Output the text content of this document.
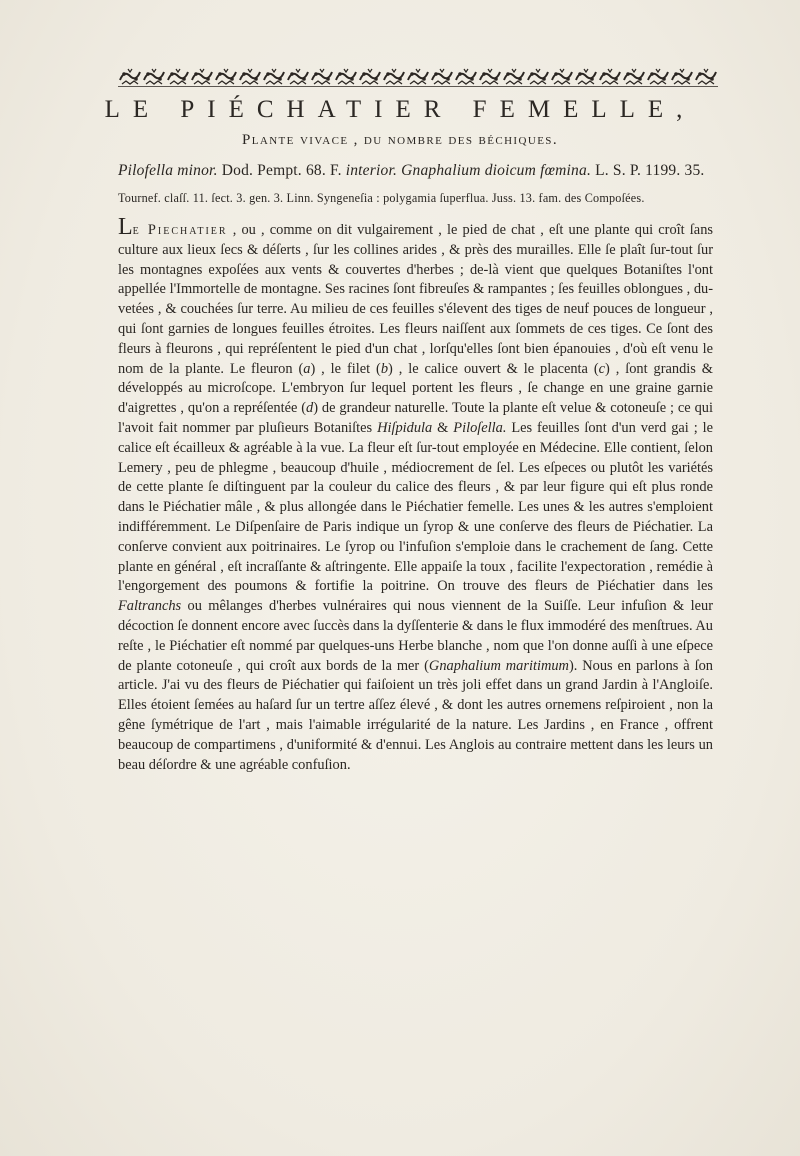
LE PIÉCHATIER FEMELLE,
Plante vivace , du nombre des béchiques.
Pilofella minor. Dod. Pempt. 68. F. interior. Gnaphalium dioicum fœmina. L. S. P. 1199. 35.
Tournef. claſſ. 11. ſect. 3. gen. 3. Linn. Syngeneſia : polygamia ſuperflua. Juss. 13. fam. des Compoſées.
Le Piechatier , ou , comme on dit vulgairement , le pied de chat , eſt une plante qui croît ſans culture aux lieux ſecs & déſerts , ſur les collines arides , & près des murailles. Elle ſe plaît ſur-tout ſur les montagnes expoſées aux vents & couvertes d'herbes ; de-là vient que quelques Botaniſtes l'ont appellée l'Immortelle de montagne. Ses racines ſont fibreuſes & rampantes ; ſes feuilles oblongues , du-vetées , & couchées ſur terre. Au milieu de ces feuilles s'élevent des tiges de neuf pouces de longueur , qui ſont garnies de longues feuilles étroites. Les fleurs naiſſent aux ſommets de ces tiges. Ce ſont des fleurs à fleurons , qui repréſentent le pied d'un chat , lorſqu'elles ſont bien épanouies , d'où eſt venu le nom de la plante. Le fleuron (a) , le filet (b) , le calice ouvert & le placenta (c) , ſont grandis & développés au microſcope. L'embryon ſur lequel portent les fleurs , ſe change en une graine garnie d'aigrettes , qu'on a repréſentée (d) de grandeur naturelle. Toute la plante eſt velue & cotoneuſe ; ce qui l'avoit fait nommer par pluſieurs Botaniſtes Hiſpidula & Piloſella. Les feuilles ſont d'un verd gai ; le calice eſt écailleux & agréable à la vue. La fleur eſt ſur-tout employée en Médecine. Elle contient, ſelon Lemery , peu de phlegme , beaucoup d'huile , médiocrement de ſel. Les eſpeces ou plutôt les variétés de cette plante ſe diſtinguent par la couleur du calice des fleurs , & par leur figure qui eſt plus ronde dans le Piéchatier mâle , & plus allongée dans le Piéchatier femelle. Les unes & les autres s'emploient indifféremment. Le Diſpenſaire de Paris indique un ſyrop & une conſerve des fleurs de Piéchatier. La conſerve convient aux poitrinaires. Le ſyrop ou l'infuſion s'emploie dans le crachement de ſang. Cette plante en général , eſt incraſſante & aſtringente. Elle appaiſe la toux , facilite l'expectoration , remédie à l'engorgement des poumons & fortifie la poitrine. On trouve des fleurs de Piéchatier dans les Faltranchs ou mêlanges d'herbes vulnéraires qui nous viennent de la Suiſſe. Leur infuſion & leur décoction ſe donnent encore avec ſuccès dans la dyſſenterie & dans le flux immodéré des menſtrues. Au reſte , le Piéchatier eſt nommé par quelques-uns Herbe blanche , nom que l'on donne auſſi à une eſpece de plante cotoneuſe , qui croît aux bords de la mer (Gnaphalium maritimum). Nous en parlons à ſon article. J'ai vu des fleurs de Piéchatier qui faiſoient un très joli effet dans un grand Jardin à l'Angloiſe. Elles étoient ſemées au haſard ſur un tertre aſſez élevé , & dont les autres ornemens reſpiroient , non la gêne ſymétrique de l'art , mais l'aimable irrégularité de la nature. Les Jardins , en France , offrent beaucoup de compartimens , d'uniformité & d'ennui. Les Anglois au contraire mettent dans les leurs un beau déſordre & une agréable confuſion.
